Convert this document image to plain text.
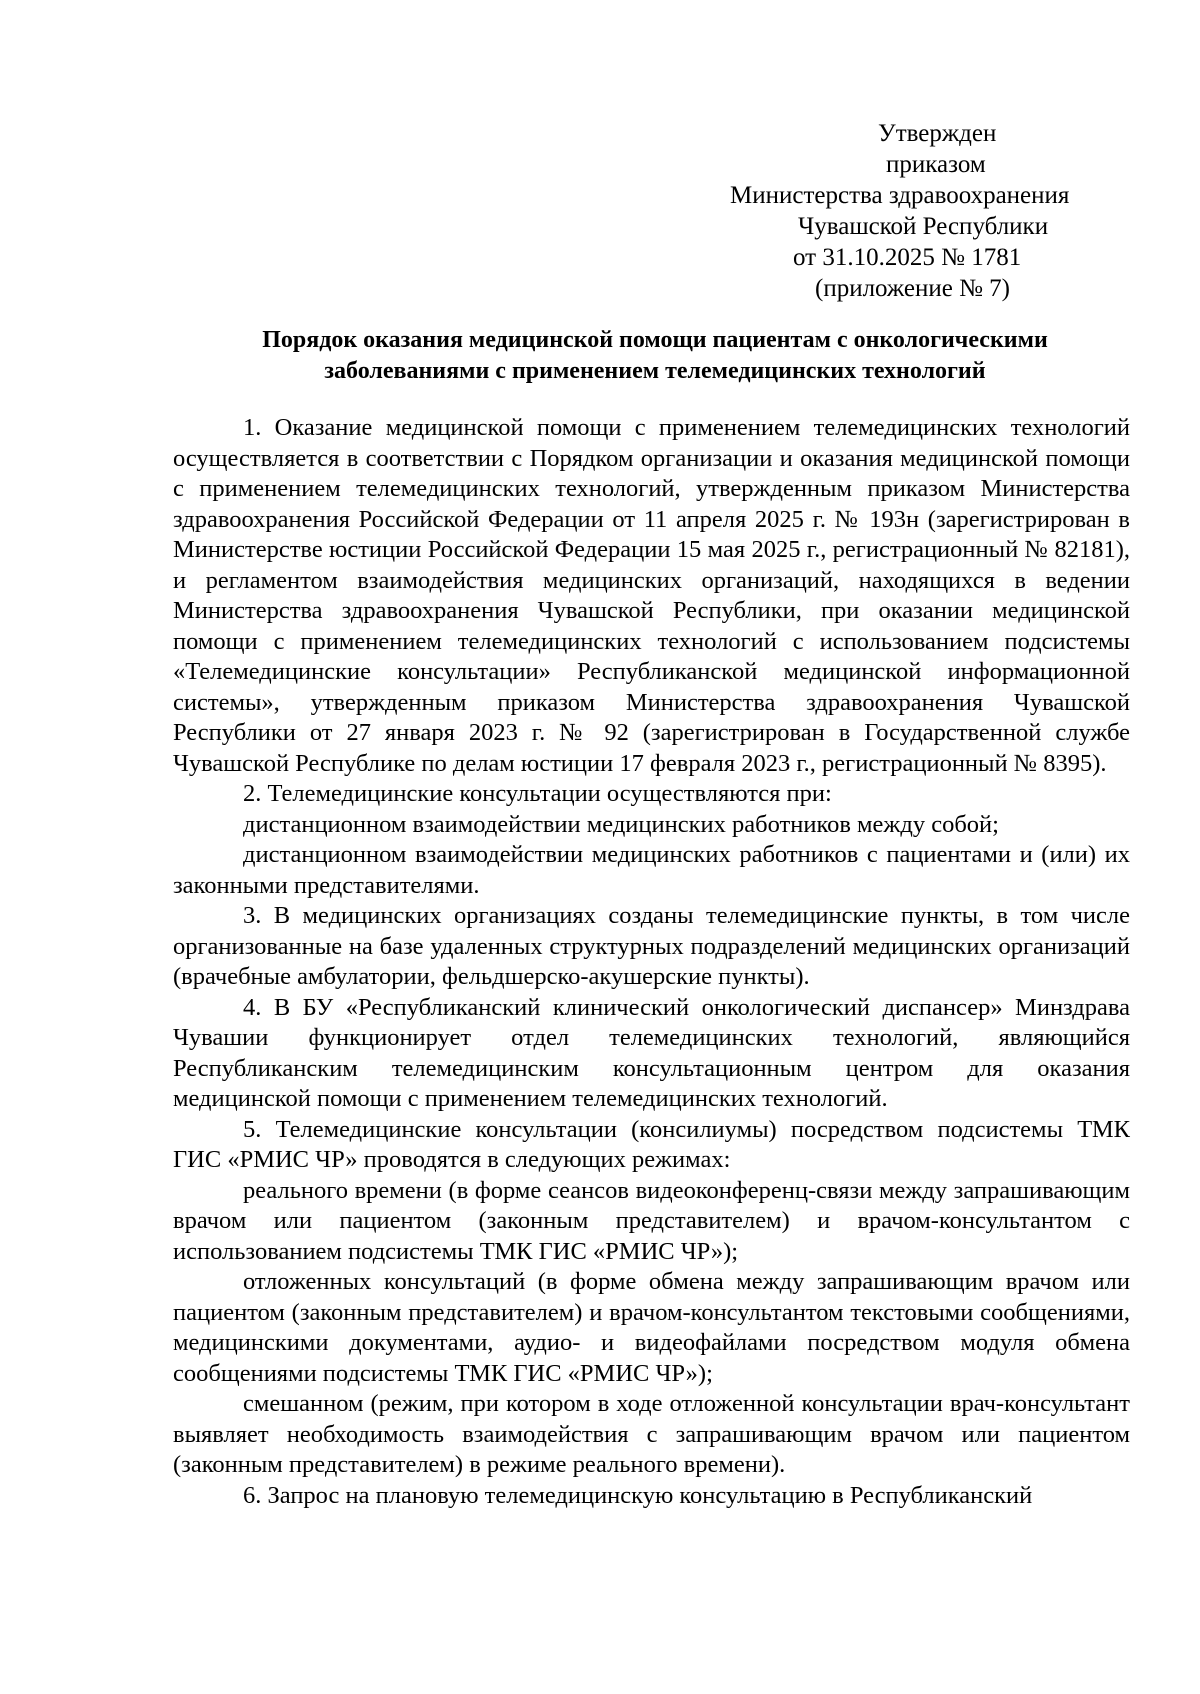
Утвержден
приказом
Министерства здравоохранения
Чувашской Республики
от 31.10.2025 № 1781
(приложение № 7)
Порядок оказания медицинской помощи пациентам с онкологическими
заболеваниями с применением телемедицинских технологий

1. Оказание медицинской помощи с применением телемедицинских технологий осуществляется в соответствии с Порядком организации и оказания медицинской помощи с применением телемедицинских технологий, утвержденным приказом Министерства здравоохранения Российской Федерации от 11 апреля 2025 г. № 193н (зарегистрирован в Министерстве юстиции Российской Федерации 15 мая 2025 г., регистрационный № 82181), и регламентом взаимодействия медицинских организаций, находящихся в ведении Министерства здравоохранения Чувашской Республики, при оказании медицинской помощи с применением телемедицинских технологий с использованием подсистемы «Телемедицинские консультации» Республиканской медицинской информационной системы», утвержденным приказом Министерства здравоохранения Чувашской Республики от 27 января 2023 г. № 92 (зарегистрирован в Государственной службе Чувашской Республике по делам юстиции 17 февраля 2023 г., регистрационный № 8395).

2. Телемедицинские консультации осуществляются при:

дистанционном взаимодействии медицинских работников между собой;

дистанционном взаимодействии медицинских работников с пациентами и (или) их законными представителями.

3. В медицинских организациях созданы телемедицинские пункты, в том числе организованные на базе удаленных структурных подразделений медицинских организаций (врачебные амбулатории, фельдшерско-акушерские пункты).

4. В БУ «Республиканский клинический онкологический диспансер» Минздрава Чувашии функционирует отдел телемедицинских технологий, являющийся Республиканским телемедицинским консультационным центром для оказания медицинской помощи с применением телемедицинских технологий.

5. Телемедицинские консультации (консилиумы) посредством подсистемы ТМК ГИС «РМИС ЧР» проводятся в следующих режимах:

реального времени (в форме сеансов видеоконференц-связи между запрашивающим врачом или пациентом (законным представителем) и врачом-консультантом с использованием подсистемы ТМК ГИС «РМИС ЧР»);

отложенных консультаций (в форме обмена между запрашивающим врачом или пациентом (законным представителем) и врачом-консультантом текстовыми сообщениями, медицинскими документами, аудио- и видеофайлами посредством модуля обмена сообщениями подсистемы ТМК ГИС «РМИС ЧР»);

смешанном (режим, при котором в ходе отложенной консультации врач-консультант выявляет необходимость взаимодействия с запрашивающим врачом или пациентом (законным представителем) в режиме реального времени).

6. Запрос на плановую телемедицинскую консультацию в Республиканский
